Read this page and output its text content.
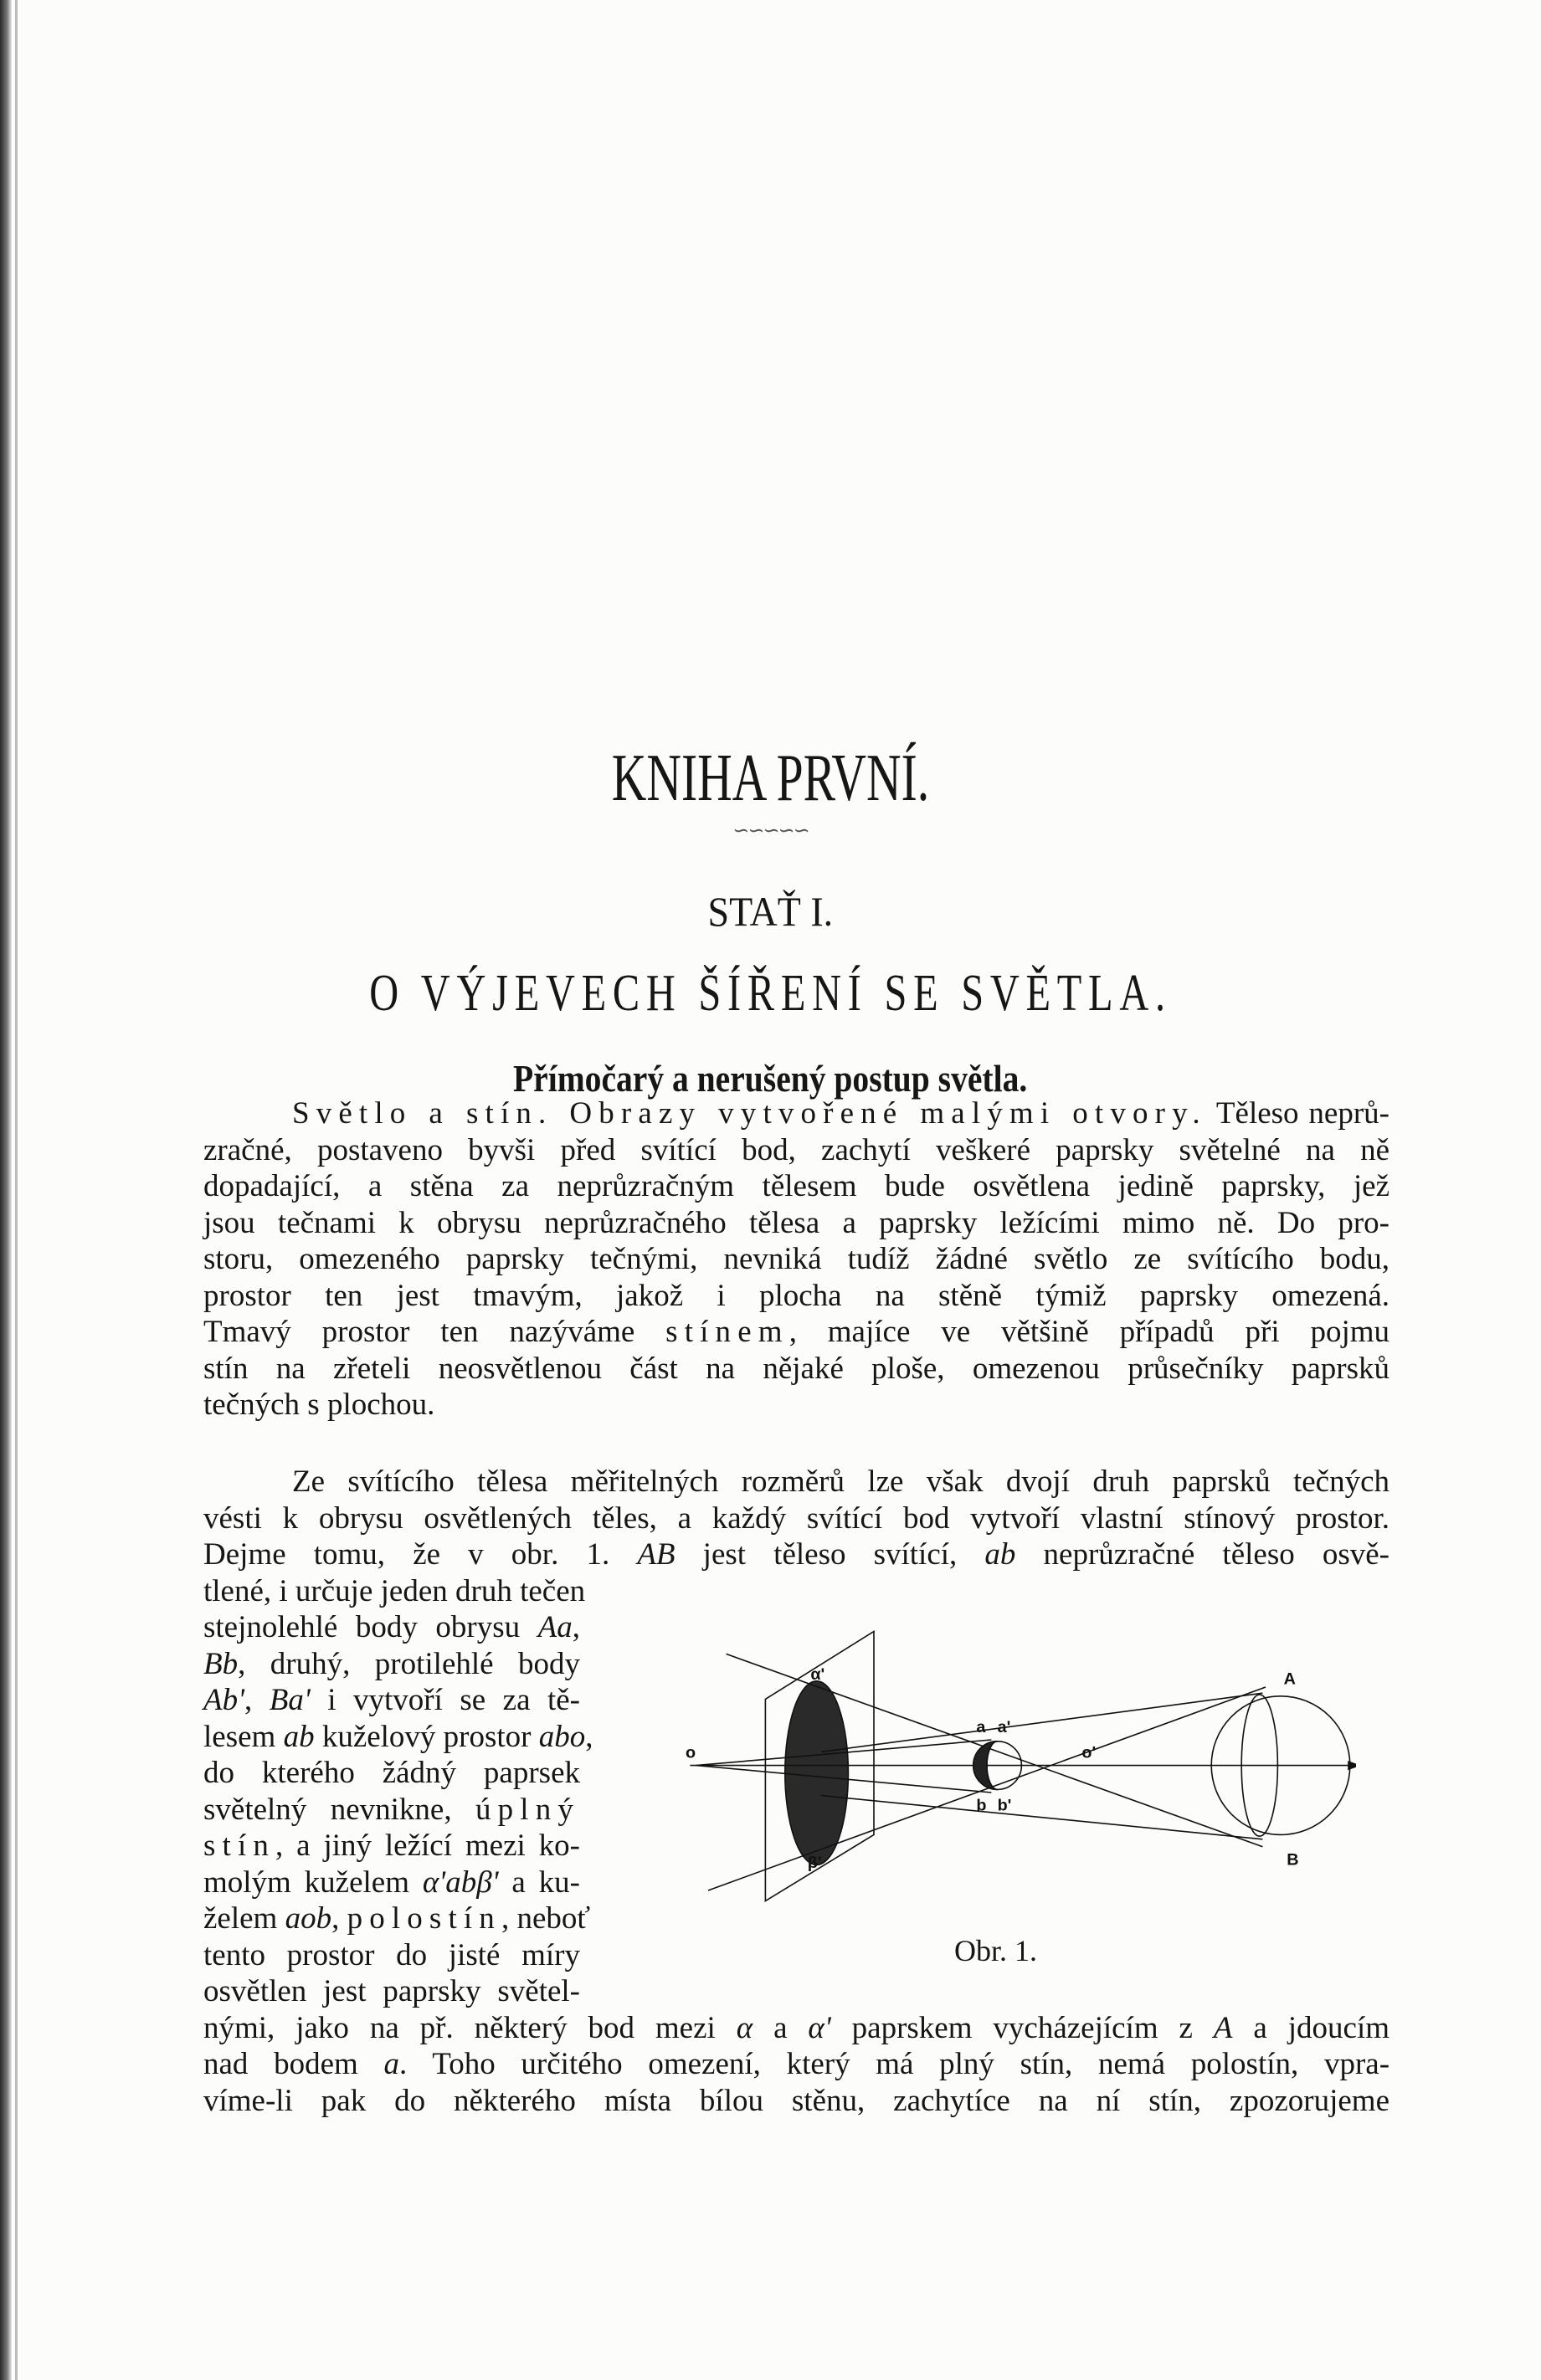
KNIHA PRVNÍ.
∽∽∽∽∽
STAŤ I.
O VÝJEVECH ŠÍŘENÍ SE SVĚTLA.
Přímočarý a nerušený postup světla.
Světlo a stín. Obrazy vytvořené malými otvory. Těleso neprů-
zračné, postaveno byvši před svítící bod, zachytí veškeré paprsky světelné na ně
dopadající, a stěna za neprůzračným tělesem bude osvětlena jedině paprsky, jež
jsou tečnami k obrysu neprůzračného tělesa a paprsky ležícími mimo ně. Do pro-
storu, omezeného paprsky tečnými, nevniká tudíž žádné světlo ze svítícího bodu,
prostor ten jest tmavým, jakož i plocha na stěně týmiž paprsky omezená.
Tmavý prostor ten nazýváme stínem, majíce ve většině případů při pojmu
stín na zřeteli neosvětlenou část na nějaké ploše, omezenou průsečníky paprsků
tečných s plochou.
Ze svítícího tělesa měřitelných rozměrů lze však dvojí druh paprsků tečných
vésti k obrysu osvětlených těles, a každý svítící bod vytvoří vlastní stínový prostor.
Dejme tomu, že v obr. 1. AB jest těleso svítící, ab neprůzračné těleso osvě-
tlené, i určuje jeden druh tečen
stejnolehlé body obrysu Aa,
Bb, druhý, protilehlé body
Ab', Ba' i vytvoří se za tě-
lesem ab kuželový prostor abo,
do kterého žádný paprsek
světelný nevnikne, úplný
stín, a jiný ležící mezi ko-
molým kuželem α'abβ' a ku-
želem aob, polostín, neboť
tento prostor do jisté míry
osvětlen jest paprsky světel-
nými, jako na př. některý bod mezi α a α' paprskem vycházejícím z A a jdoucím
nad bodem a. Toho určitého omezení, který má plný stín, nemá polostín, vpra-
víme-li pak do některého místa bílou stěnu, zachytíce na ní stín, zpozorujeme
α'
β'
a a'
b b'
o	o'
A
B
Obr. 1.
